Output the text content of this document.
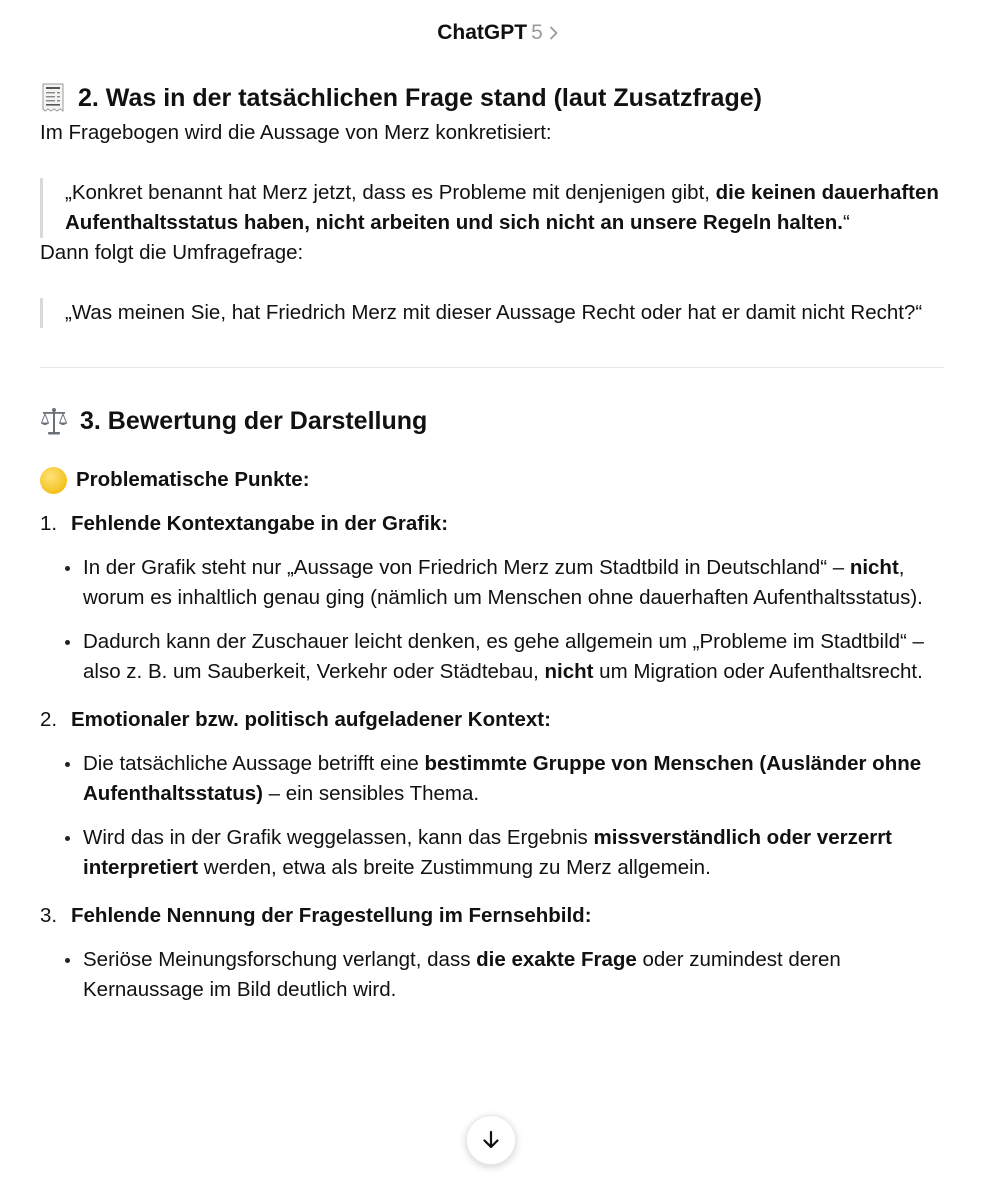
ChatGPT 5
2. Was in der tatsächlichen Frage stand (laut Zusatzfrage)

Im Fragebogen wird die Aussage von Merz konkretisiert:

„Konkret benannt hat Merz jetzt, dass es Probleme mit denjenigen gibt, die keinen dauerhaften Aufenthaltsstatus haben, nicht arbeiten und sich nicht an unsere Regeln halten.“

Dann folgt die Umfragefrage:

„Was meinen Sie, hat Friedrich Merz mit dieser Aussage Recht oder hat er damit nicht Recht?“
3. Bewertung der Darstellung
Problematische Punkte:
1. Fehlende Kontextangabe in der Grafik:
In der Grafik steht nur „Aussage von Friedrich Merz zum Stadtbild in Deutschland“ – nicht, worum es inhaltlich genau ging (nämlich um Menschen ohne dauerhaften Aufenthaltsstatus).
Dadurch kann der Zuschauer leicht denken, es gehe allgemein um „Probleme im Stadtbild“ – also z. B. um Sauberkeit, Verkehr oder Städtebau, nicht um Migration oder Aufenthaltsrecht.
2. Emotionaler bzw. politisch aufgeladener Kontext:
Die tatsächliche Aussage betrifft eine bestimmte Gruppe von Menschen (Ausländer ohne Aufenthaltsstatus) – ein sensibles Thema.
Wird das in der Grafik weggelassen, kann das Ergebnis missverständlich oder verzerrt interpretiert werden, etwa als breite Zustimmung zu Merz allgemein.
3. Fehlende Nennung der Fragestellung im Fernsehbild:
Seriöse Meinungsforschung verlangt, dass die exakte Frage oder zumindest deren Kernaussage im Bild deutlich wird.
